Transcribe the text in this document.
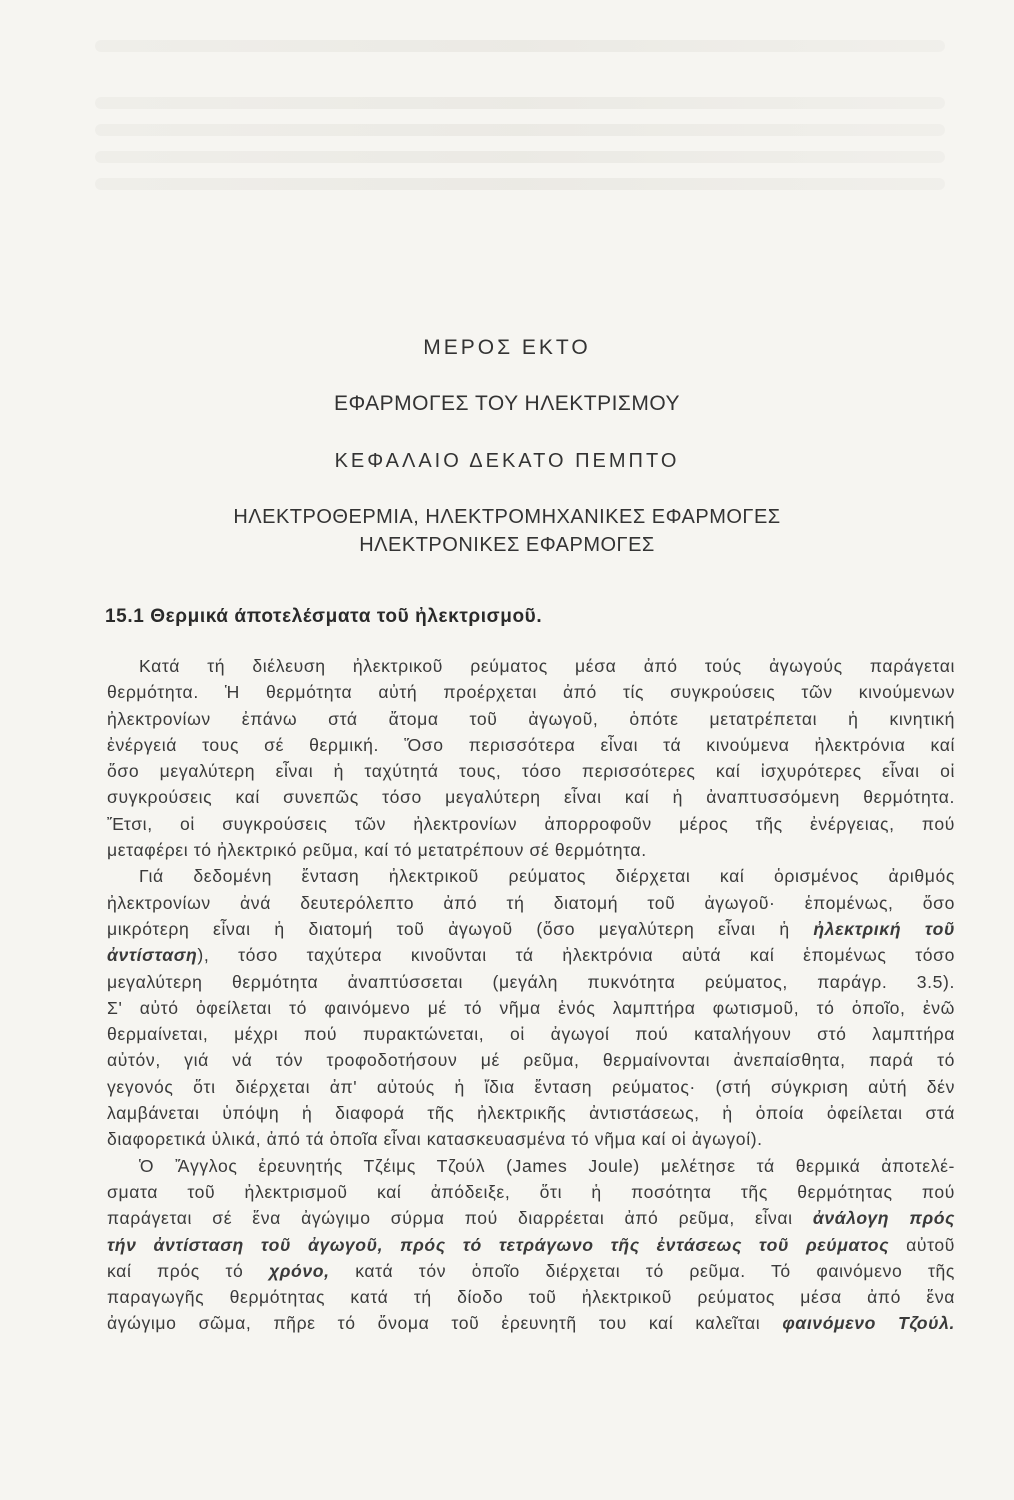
ΜΕΡΟΣ ΕΚΤΟ
ΕΦΑΡΜΟΓΕΣ ΤΟΥ ΗΛΕΚΤΡΙΣΜΟΥ
ΚΕΦΑΛΑΙΟ ΔΕΚΑΤΟ ΠΕΜΠΤΟ
ΗΛΕΚΤΡΟΘΕΡΜΙΑ, ΗΛΕΚΤΡΟΜΗΧΑΝΙΚΕΣ ΕΦΑΡΜΟΓΕΣ
ΗΛΕΚΤΡΟΝΙΚΕΣ ΕΦΑΡΜΟΓΕΣ
15.1 Θερμικά άποτελέσματα τοῦ ἠλεκτρισμοῦ.
Κατά τή διέλευση ἠλεκτρικοῦ ρεύματος μέσα ἀπό τούς ἀγωγούς παράγεται
θερμότητα. Ἡ θερμότητα αὐτή προέρχεται ἀπό τίς συγκρούσεις τῶν κινούμενων
ἠλεκτρονίων ἐπάνω στά ἄτομα τοῦ ἀγωγοῦ, ὁπότε μετατρέπεται ἡ κινητική
ἐνέργειά τους σέ θερμική. Ὅσο περισσότερα εἶναι τά κινούμενα ἠλεκτρόνια καί
ὅσο μεγαλύτερη εἶναι ἡ ταχύτητά τους, τόσο περισσότερες καί ἰσχυρότερες εἶναι οἱ
συγκρούσεις καί συνεπῶς τόσο μεγαλύτερη εἶναι καί ἡ ἀναπτυσσόμενη θερμότητα.
Ἔτσι, οἱ συγκρούσεις τῶν ἠλεκτρονίων ἀπορροφοῦν μέρος τῆς ἐνέργειας, πού
μεταφέρει τό ἠλεκτρικό ρεῦμα, καί τό μετατρέπουν σέ θερμότητα.
Γιά δεδομένη ἔνταση ἠλεκτρικοῦ ρεύματος διέρχεται καί ὁρισμένος ἀριθμός
ἠλεκτρονίων ἀνά δευτερόλεπτο ἀπό τή διατομή τοῦ ἀγωγοῦ· ἑπομένως, ὅσο
μικρότερη εἶναι ἡ διατομή τοῦ ἀγωγοῦ (ὅσο μεγαλύτερη εἶναι ἡ ἠλεκτρική τοῦ
ἀντίσταση), τόσο ταχύτερα κινοῦνται τά ἠλεκτρόνια αὐτά καί ἑπομένως τόσο
μεγαλύτερη θερμότητα ἀναπτύσσεται (μεγάλη πυκνότητα ρεύματος, παράγρ. 3.5).
Σ' αὐτό ὀφείλεται τό φαινόμενο μέ τό νῆμα ἑνός λαμπτήρα φωτισμοῦ, τό ὁποῖο, ἐνῶ
θερμαίνεται, μέχρι πού πυρακτώνεται, οἱ ἀγωγοί πού καταλήγουν στό λαμπτήρα
αὐτόν, γιά νά τόν τροφοδοτήσουν μέ ρεῦμα, θερμαίνονται ἀνεπαίσθητα, παρά τό
γεγονός ὅτι διέρχεται ἀπ' αὐτούς ἡ ἴδια ἔνταση ρεύματος· (στή σύγκριση αὐτή δέν
λαμβάνεται ὑπόψη ἡ διαφορά τῆς ἠλεκτρικῆς ἀντιστάσεως, ἡ ὁποία ὀφείλεται στά
διαφορετικά ὑλικά, ἀπό τά ὁποῖα εἶναι κατασκευασμένα τό νῆμα καί οἱ ἀγωγοί).
Ὁ Ἄγγλος ἐρευνητής Τζέιμς Τζούλ (James Joule) μελέτησε τά θερμικά ἀποτελέ-
σματα τοῦ ἠλεκτρισμοῦ καί ἀπόδειξε, ὅτι ἡ ποσότητα τῆς θερμότητας πού
παράγεται σέ ἕνα ἀγώγιμο σύρμα πού διαρρέεται ἀπό ρεῦμα, εἶναι ἀνάλογη πρός
τήν ἀντίσταση τοῦ ἀγωγοῦ, πρός τό τετράγωνο τῆς ἐντάσεως τοῦ ρεύματος αὐτοῦ
καί πρός τό χρόνο, κατά τόν ὁποῖο διέρχεται τό ρεῦμα. Τό φαινόμενο τῆς
παραγωγῆς θερμότητας κατά τή δίοδο τοῦ ἠλεκτρικοῦ ρεύματος μέσα ἀπό ἕνα
ἀγώγιμο σῶμα, πῆρε τό ὄνομα τοῦ ἐρευνητῆ του καί καλεῖται φαινόμενο Τζούλ.
